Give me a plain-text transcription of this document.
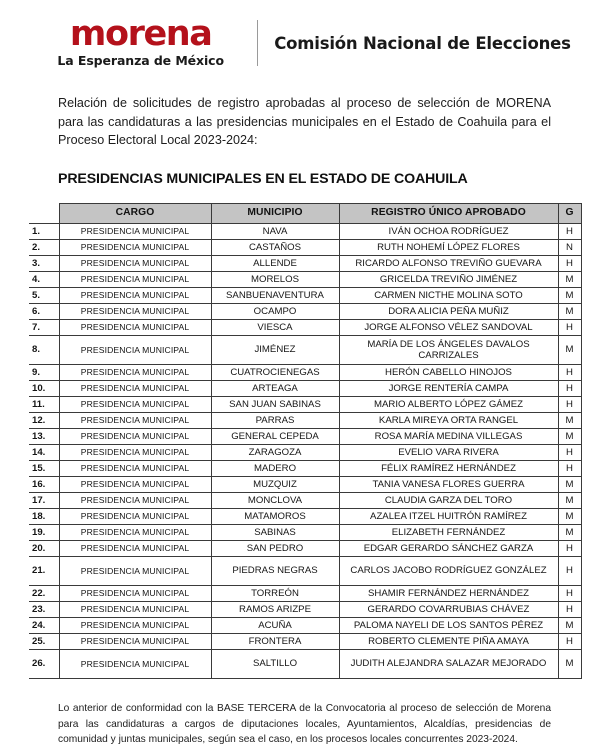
morena
La Esperanza de México
Comisión Nacional de Elecciones
Relación de solicitudes de registro aprobadas al proceso de selección de MORENA para las candidaturas a las presidencias municipales en el Estado de Coahuila para el Proceso Electoral Local 2023-2024:
PRESIDENCIAS MUNICIPALES EN EL ESTADO DE COAHUILA
	CARGO	MUNICIPIO	REGISTRO ÚNICO APROBADO	G
1.	PRESIDENCIA MUNICIPAL	NAVA	IVÁN OCHOA RODRÍGUEZ	H
2.	PRESIDENCIA MUNICIPAL	CASTAÑOS	RUTH NOHEMÍ LÓPEZ FLORES	N
3.	PRESIDENCIA MUNICIPAL	ALLENDE	RICARDO ALFONSO TREVIÑO GUEVARA	H
4.	PRESIDENCIA MUNICIPAL	MORELOS	GRICELDA TREVIÑO JIMÉNEZ	M
5.	PRESIDENCIA MUNICIPAL	SANBUENAVENTURA	CARMEN NICTHE MOLINA SOTO	M
6.	PRESIDENCIA MUNICIPAL	OCAMPO	DORA ALICIA PEÑA MUÑIZ	M
7.	PRESIDENCIA MUNICIPAL	VIESCA	JORGE ALFONSO VÉLEZ SANDOVAL	H
8.	PRESIDENCIA MUNICIPAL	JIMÉNEZ	MARÍA DE LOS ÁNGELES DAVALOS CARRIZALES	M
9.	PRESIDENCIA MUNICIPAL	CUATROCIENEGAS	HERÓN CABELLO HINOJOS	H
10.	PRESIDENCIA MUNICIPAL	ARTEAGA	JORGE RENTERÍA CAMPA	H
11.	PRESIDENCIA MUNICIPAL	SAN JUAN SABINAS	MARIO ALBERTO LÓPEZ GÁMEZ	H
12.	PRESIDENCIA MUNICIPAL	PARRAS	KARLA MIREYA ORTA RANGEL	M
13.	PRESIDENCIA MUNICIPAL	GENERAL CEPEDA	ROSA MARÍA MEDINA VILLEGAS	M
14.	PRESIDENCIA MUNICIPAL	ZARAGOZA	EVELIO VARA RIVERA	H
15.	PRESIDENCIA MUNICIPAL	MADERO	FÉLIX RAMÍREZ HERNÁNDEZ	H
16.	PRESIDENCIA MUNICIPAL	MUZQUIZ	TANIA VANESA FLORES GUERRA	M
17.	PRESIDENCIA MUNICIPAL	MONCLOVA	CLAUDIA GARZA DEL TORO	M
18.	PRESIDENCIA MUNICIPAL	MATAMOROS	AZALEA ITZEL HUITRÓN RAMÍREZ	M
19.	PRESIDENCIA MUNICIPAL	SABINAS	ELIZABETH FERNÁNDEZ	M
20.	PRESIDENCIA MUNICIPAL	SAN PEDRO	EDGAR GERARDO SÁNCHEZ GARZA	H
21.	PRESIDENCIA MUNICIPAL	PIEDRAS NEGRAS	CARLOS JACOBO RODRÍGUEZ GONZÁLEZ	H
22.	PRESIDENCIA MUNICIPAL	TORREÓN	SHAMIR FERNÁNDEZ HERNÁNDEZ	H
23.	PRESIDENCIA MUNICIPAL	RAMOS ARIZPE	GERARDO COVARRUBIAS CHÁVEZ	H
24.	PRESIDENCIA MUNICIPAL	ACUÑA	PALOMA NAYELI DE LOS SANTOS PÉREZ	M
25.	PRESIDENCIA MUNICIPAL	FRONTERA	ROBERTO CLEMENTE PIÑA AMAYA	H
26.	PRESIDENCIA MUNICIPAL	SALTILLO	JUDITH ALEJANDRA SALAZAR MEJORADO	M
Lo anterior de conformidad con la BASE TERCERA de la Convocatoria al proceso de selección de Morena para las candidaturas a cargos de diputaciones locales, Ayuntamientos, Alcaldías, presidencias de comunidad y juntas municipales, según sea el caso, en los procesos locales concurrentes 2023-2024.
